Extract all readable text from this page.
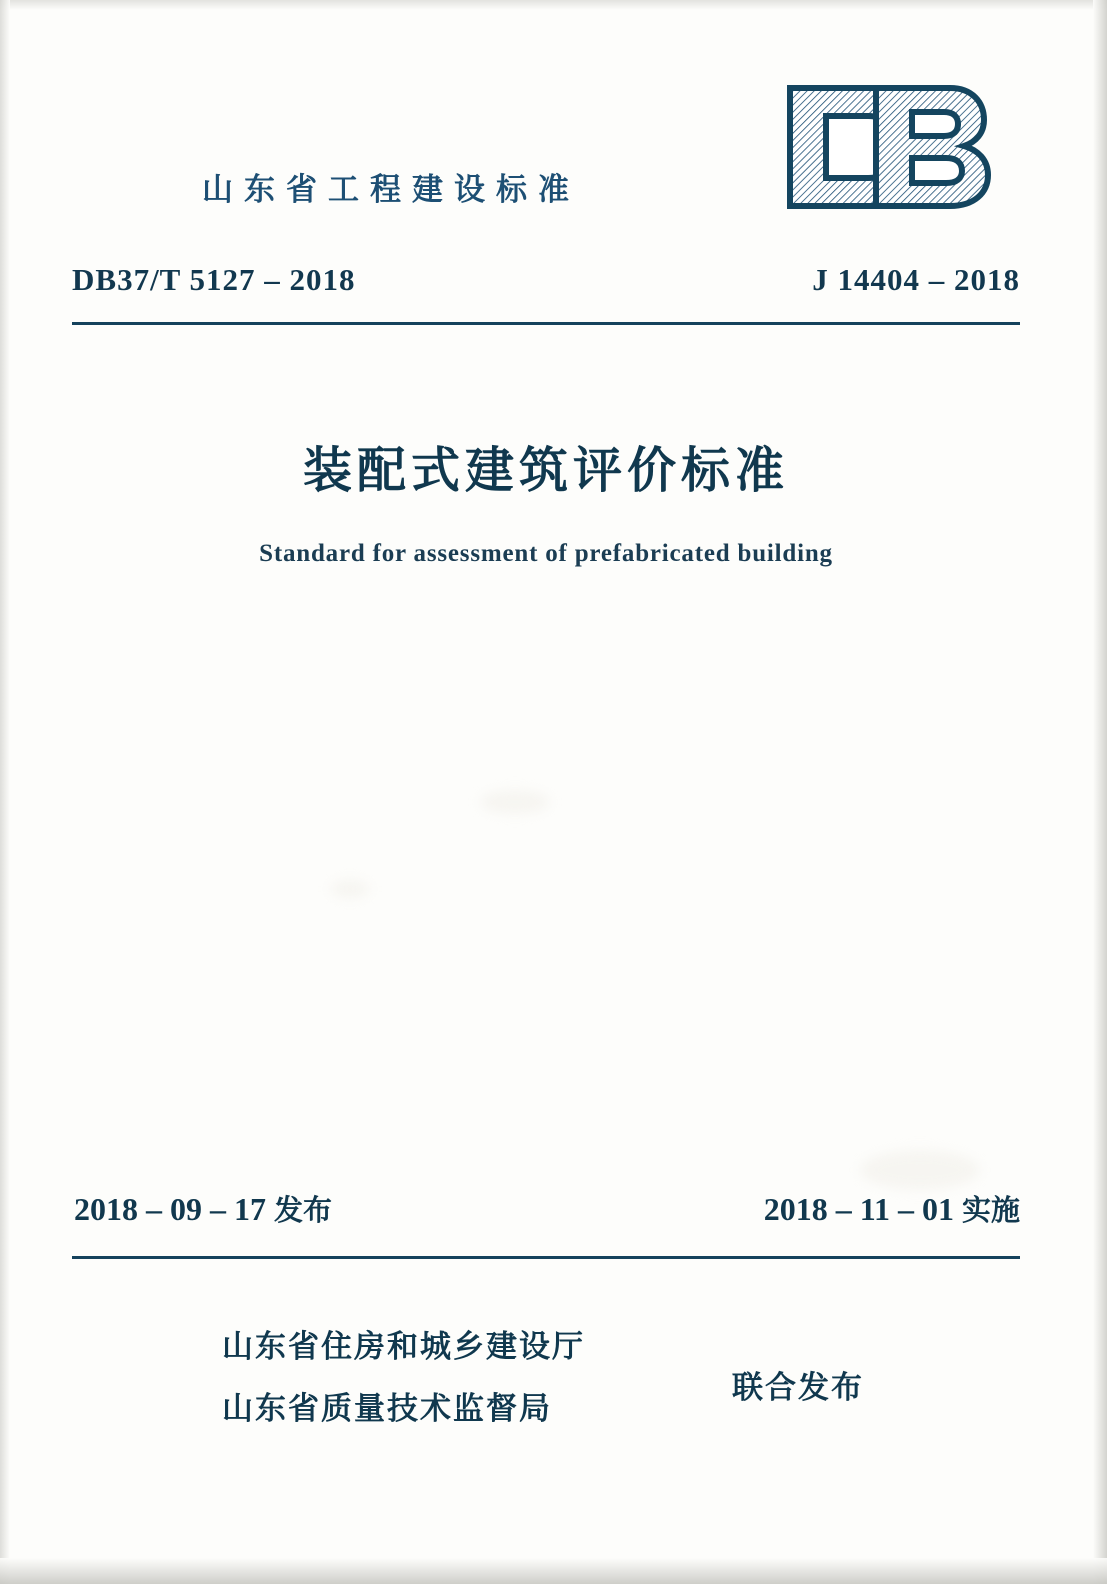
山东省工程建设标准
DB37/T 5127 – 2018	J 14404 – 2018
装配式建筑评价标准
Standard for assessment of prefabricated building
2018 – 09 – 17 发布	2018 – 11 – 01 实施
山东省住房和城乡建设厅
山东省质量技术监督局
联合发布
